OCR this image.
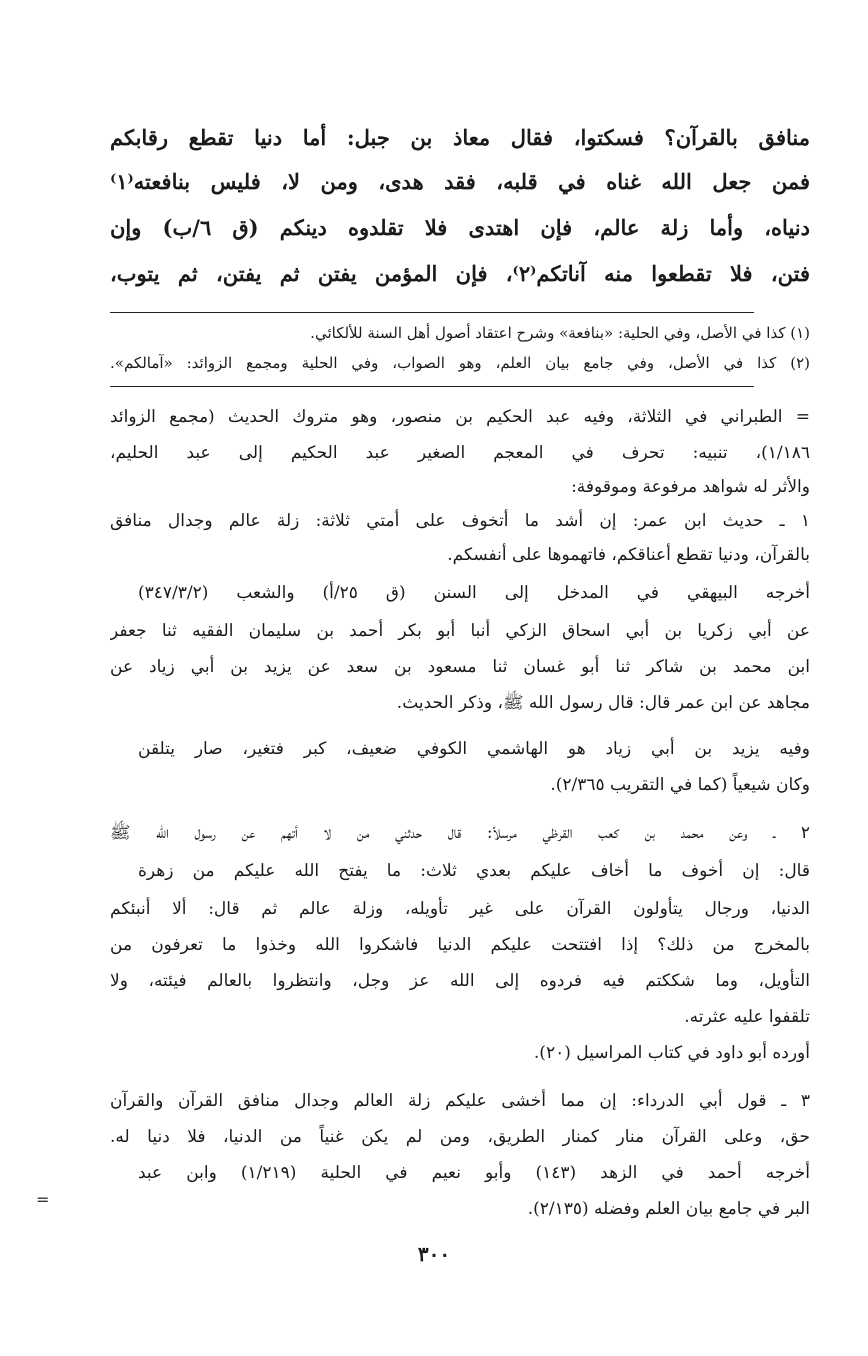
منافق بالقرآن؟ فسكتوا، فقال معاذ بن جبل: أما دنيا تقطع رقابكم
فمن جعل الله غناه في قلبه، فقد هدى، ومن لا، فليس بنافعته⁽١⁾
دنياه، وأما زلة عالم، فإن اهتدى فلا تقلدوه دينكم (ق ٦/ب) وإن
فتن، فلا تقطعوا منه آناتكم⁽٢⁾، فإن المؤمن يفتن ثم يفتن، ثم يتوب،
(١) كذا في الأصل، وفي الحلية: «بنافعة» وشرح اعتقاد أصول أهل السنة للألكائي.
(٢) كذا في الأصل، وفي جامع بيان العلم، وهو الصواب، وفي الحلية ومجمع الزوائد: «آمالكم».
= الطبراني في الثلاثة، وفيه عبد الحكيم بن منصور، وهو متروك الحديث (مجمع الزوائد
١/١٨٦)، تنبيه: تحرف في المعجم الصغير عبد الحكيم إلى عبد الحليم،
والأثر له شواهد مرفوعة وموقوفة:
١ ـ حديث ابن عمر: إن أشد ما أتخوف على أمتي ثلاثة: زلة عالم وجدال منافق
بالقرآن، ودنيا تقطع أعناقكم، فاتهموها على أنفسكم.
أخرجه البيهقي في المدخل إلى السنن (ق ٢٥/أ) والشعب (٣٤٧/٣/٢)
عن أبي زكريا بن أبي اسحاق الزكي أنبا أبو بكر أحمد بن سليمان الفقيه ثنا جعفر
ابن محمد بن شاكر ثنا أبو غسان ثنا مسعود بن سعد عن يزيد بن أبي زياد عن
مجاهد عن ابن عمر قال: قال رسول الله ﷺ، وذكر الحديث.
وفيه يزيد بن أبي زياد هو الهاشمي الكوفي ضعيف، كبر فتغير، صار يتلقن
وكان شيعياً (كما في التقريب ٢/٣٦٥).
٢ ـ وعن محمد بن كعب القرظي مرسلاً: قال حدثني من لا أتهم عن رسول الله ﷺ
قال: إن أخوف ما أخاف عليكم بعدي ثلاث: ما يفتح الله عليكم من زهرة
الدنيا، ورجال يتأولون القرآن على غير تأويله، وزلة عالم ثم قال: ألا أنبئكم
بالمخرج من ذلك؟ إذا افتتحت عليكم الدنيا فاشكروا الله وخذوا ما تعرفون من
التأويل، وما شككتم فيه فردوه إلى الله عز وجل، وانتظروا بالعالم فيئته، ولا
تلقفوا عليه عثرته.
أورده أبو داود في كتاب المراسيل (٢٠).
٣ ـ قول أبي الدرداء: إن مما أخشى عليكم زلة العالم وجدال منافق القرآن والقرآن
حق، وعلى القرآن منار كمنار الطريق، ومن لم يكن غنياً من الدنيا، فلا دنيا له.
أخرجه أحمد في الزهد (١٤٣) وأبو نعيم في الحلية (١/٢١٩) وابن عبد
البر في جامع بيان العلم وفضله (٢/١٣٥).
=
٣٠٠
